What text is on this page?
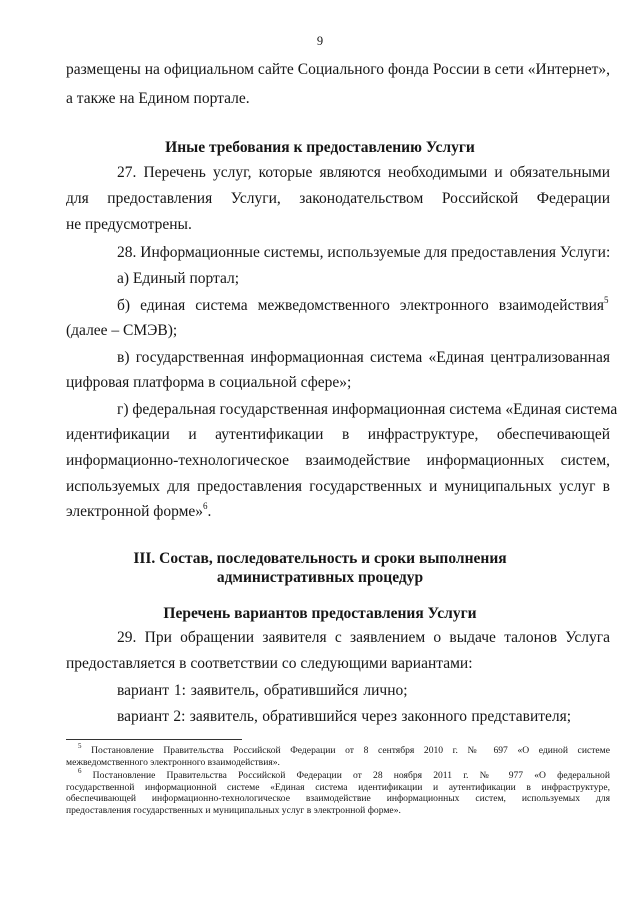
9
размещены на официальном сайте Социального фонда России в сети «Интернет»,
а также на Едином портале.
Иные требования к предоставлению Услуги
27. Перечень услуг, которые являются необходимыми и обязательными
для предоставления Услуги, законодательством Российской Федерации
не предусмотрены.
28. Информационные системы, используемые для предоставления Услуги:
а) Единый портал;
б) единая система межведомственного электронного взаимодействия$^5$
(далее – СМЭВ);
в) государственная информационная система «Единая централизованная
цифровая платформа в социальной сфере»;
г) федеральная государственная информационная система «Единая система
идентификации и аутентификации в инфраструктуре, обеспечивающей
информационно-технологическое взаимодействие информационных систем,
используемых для предоставления государственных и муниципальных услуг в
электронной форме»$^6$.
III. Состав, последовательность и сроки выполнения
административных процедур
Перечень вариантов предоставления Услуги
29. При обращении заявителя с заявлением о выдаче талонов Услуга
предоставляется в соответствии со следующими вариантами:
вариант 1: заявитель, обратившийся лично;
вариант 2: заявитель, обратившийся через законного представителя;
$^5$ Постановление Правительства Российской Федерации от 8 сентября 2010 г. № 697 «О единой системе
межведомственного электронного взаимодействия».
$^6$ Постановление Правительства Российской Федерации от 28 ноября 2011 г. № 977 «О федеральной
государственной информационной системе «Единая система идентификации и аутентификации в инфраструктуре,
обеспечивающей информационно-технологическое взаимодействие информационных систем, используемых для
предоставления государственных и муниципальных услуг в электронной форме».
